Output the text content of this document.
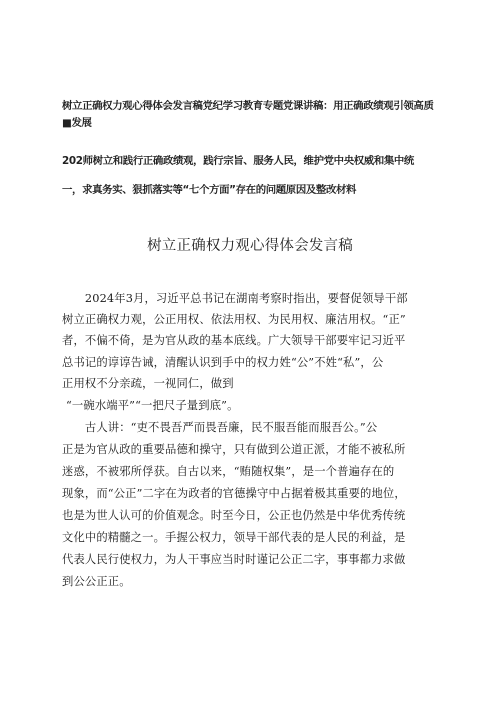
树立正确权力观心得体会发言稿党纪学习教育专题党课讲稿：用正确政绩观引领高质
■发展
202师树立和践行正确政绩观，践行宗旨、服务人民，维护党中央权威和集中统
一，求真务实、狠抓落实等“七个方面”存在的问题原因及整改材料
树立正确权力观心得体会发言稿
　　2024年3月，习近平总书记在湖南考察时指出，要督促领导干部
树立正确权力观，公正用权、依法用权、为民用权、廉洁用权。“正”
者，不偏不倚，是为官从政的基本底线。广大领导干部要牢记习近平
总书记的谆谆告诫，清醒认识到手中的权力姓“公”不姓“私”，公
正用权不分亲疏，一视同仁，做到
“一碗水端平”“一把尺子量到底”。
　　古人讲：“吏不畏吾严而畏吾廉，民不服吾能而服吾公。”公
正是为官从政的重要品德和操守，只有做到公道正派，才能不被私所
迷惑，不被邪所俘获。自古以来，“贿随权集”，是一个普遍存在的
现象，而“公正”二字在为政者的官德操守中占据着极其重要的地位，
也是为世人认可的价值观念。时至今日，公正也仍然是中华优秀传统
文化中的精髓之一。手握公权力，领导干部代表的是人民的利益，是
代表人民行使权力，为人干事应当时时谨记公正二字，事事都力求做
到公公正正。
